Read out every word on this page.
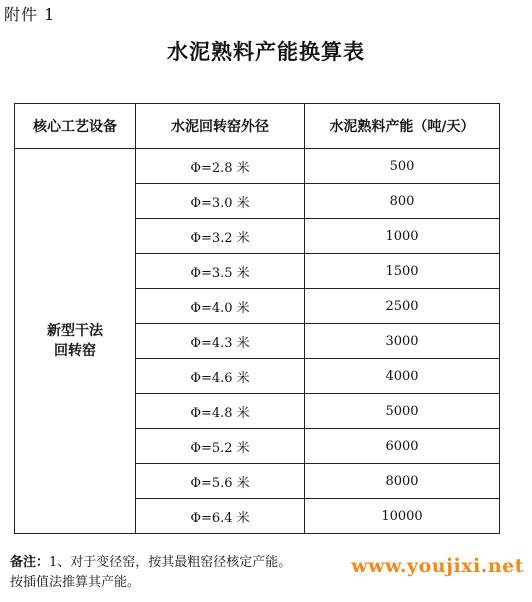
附件 1
水泥熟料产能换算表
核心工艺设备	水泥回转窑外径	水泥熟料产能（吨/天）

新型干法
回转窑	Φ=2.8 米	500
	Φ=3.0 米	800
	Φ=3.2 米	1000
	Φ=3.5 米	1500
	Φ=4.0 米	2500
	Φ=4.3 米	3000
	Φ=4.6 米	4000
	Φ=4.8 米	5000
	Φ=5.2 米	6000
	Φ=5.6 米	8000
	Φ=6.4 米	10000
备注：1、对于变径窑，按其最粗窑径核定产能。
按插值法推算其产能。
www.youjixi.net
